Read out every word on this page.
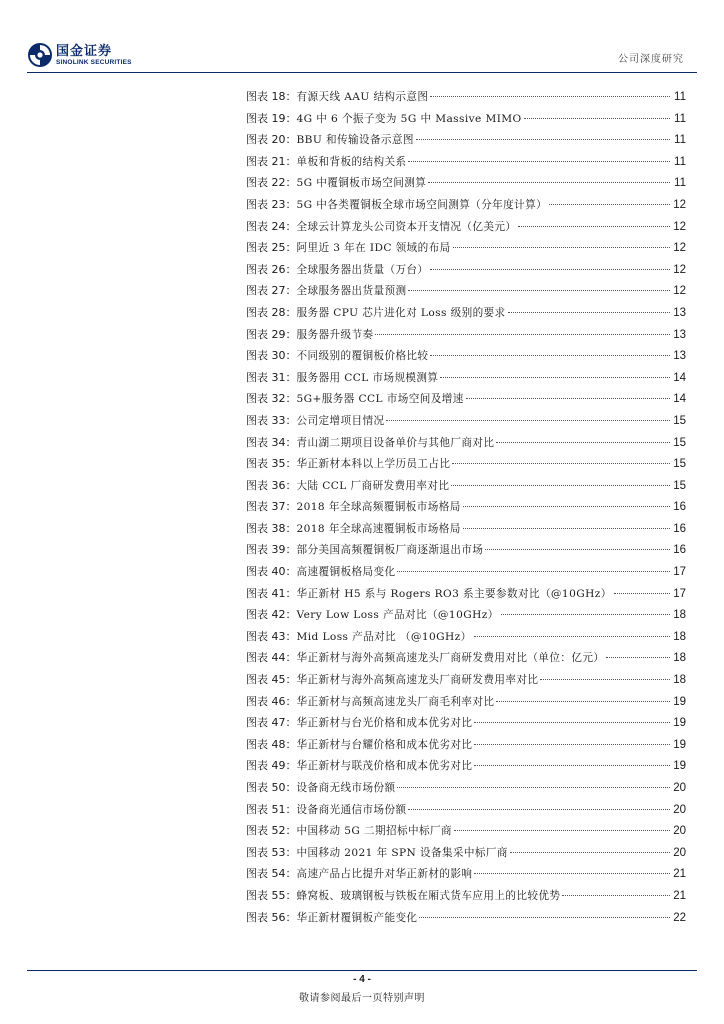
国金证券
SINOLINK SECURITIES	公司深度研究
图表 18： 有源天线 AAU 结构示意图	11
图表 19： 4G 中 6 个振子变为 5G 中 Massive MIMO	11
图表 20： BBU 和传输设备示意图	11
图表 21： 单板和背板的结构关系	11
图表 22： 5G 中覆铜板市场空间测算	11
图表 23： 5G 中各类覆铜板全球市场空间测算（分年度计算）	12
图表 24： 全球云计算龙头公司资本开支情况（亿美元）	12
图表 25： 阿里近 3 年在 IDC 领域的布局	12
图表 26： 全球服务器出货量（万台）	12
图表 27： 全球服务器出货量预测	12
图表 28： 服务器 CPU 芯片进化对 Loss 级别的要求	13
图表 29： 服务器升级节奏	13
图表 30： 不同级别的覆铜板价格比较	13
图表 31： 服务器用 CCL 市场规模测算	14
图表 32： 5G+服务器 CCL 市场空间及增速	14
图表 33： 公司定增项目情况	15
图表 34： 青山湖二期项目设备单价与其他厂商对比	15
图表 35： 华正新材本科以上学历员工占比	15
图表 36： 大陆 CCL 厂商研发费用率对比	15
图表 37： 2018 年全球高频覆铜板市场格局	16
图表 38： 2018 年全球高速覆铜板市场格局	16
图表 39： 部分美国高频覆铜板厂商逐渐退出市场	16
图表 40： 高速覆铜板格局变化	17
图表 41： 华正新材 H5 系与 Rogers RO3 系主要参数对比（@10GHz）	17
图表 42： Very Low Loss 产品对比（@10GHz）	18
图表 43： Mid Loss 产品对比 （@10GHz）	18
图表 44： 华正新材与海外高频高速龙头厂商研发费用对比（单位：亿元）	18
图表 45： 华正新材与海外高频高速龙头厂商研发费用率对比	18
图表 46： 华正新材与高频高速龙头厂商毛利率对比	19
图表 47： 华正新材与台光价格和成本优劣对比	19
图表 48： 华正新材与台耀价格和成本优劣对比	19
图表 49： 华正新材与联茂价格和成本优劣对比	19
图表 50： 设备商无线市场份额	20
图表 51： 设备商光通信市场份额	20
图表 52： 中国移动 5G 二期招标中标厂商	20
图表 53： 中国移动 2021 年 SPN 设备集采中标厂商	20
图表 54： 高速产品占比提升对华正新材的影响	21
图表 55： 蜂窝板、玻璃钢板与铁板在厢式货车应用上的比较优势	21
图表 56： 华正新材覆铜板产能变化	22
- 4 -
敬请参阅最后一页特别声明
